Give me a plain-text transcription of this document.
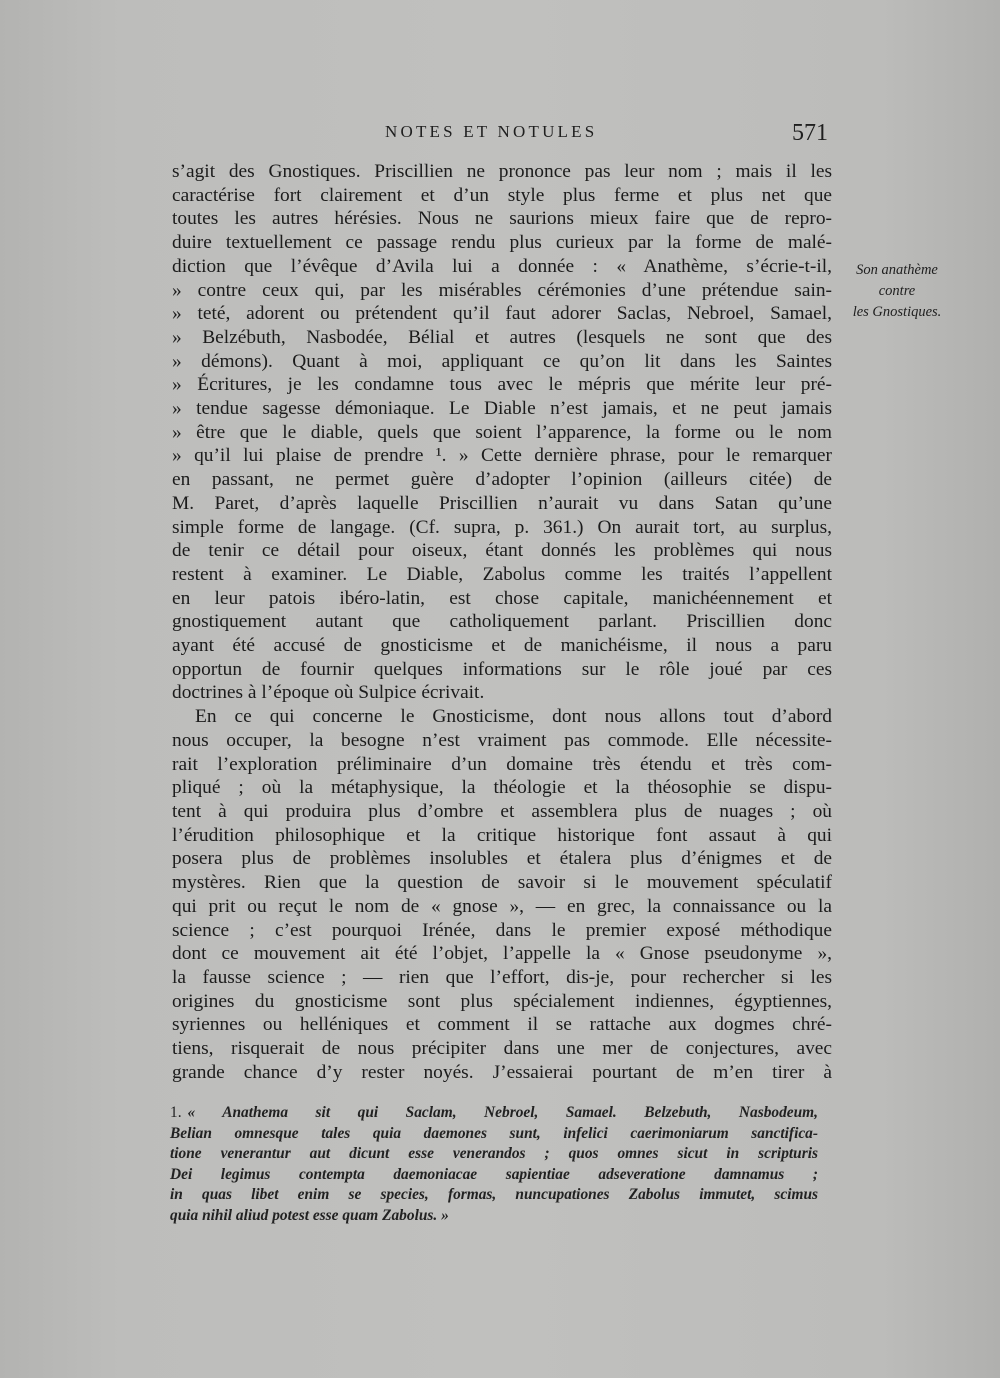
NOTES ET NOTULES	571
s’agit des Gnostiques. Priscillien ne prononce pas leur nom ; mais il les
caractérise fort clairement et d’un style plus ferme et plus net que
toutes les autres hérésies. Nous ne saurions mieux faire que de repro-
duire textuellement ce passage rendu plus curieux par la forme de malé-
diction que l’évêque d’Avila lui a donnée : « Anathème, s’écrie-t-il,
» contre ceux qui, par les misérables cérémonies d’une prétendue sain-
» teté, adorent ou prétendent qu’il faut adorer Saclas, Nebroel, Samael,
» Belzébuth, Nasbodée, Bélial et autres (lesquels ne sont que des
» démons). Quant à moi, appliquant ce qu’on lit dans les Saintes
» Écritures, je les condamne tous avec le mépris que mérite leur pré-
» tendue sagesse démoniaque. Le Diable n’est jamais, et ne peut jamais
» être que le diable, quels que soient l’apparence, la forme ou le nom
» qu’il lui plaise de prendre ¹. » Cette dernière phrase, pour le remarquer
en passant, ne permet guère d’adopter l’opinion (ailleurs citée) de
M. Paret, d’après laquelle Priscillien n’aurait vu dans Satan qu’une
simple forme de langage. (Cf. supra, p. 361.) On aurait tort, au surplus,
de tenir ce détail pour oiseux, étant donnés les problèmes qui nous
restent à examiner. Le Diable, Zabolus comme les traités l’appellent
en leur patois ibéro-latin, est chose capitale, manichéennement et
gnostiquement autant que catholiquement parlant. Priscillien donc
ayant été accusé de gnosticisme et de manichéisme, il nous a paru
opportun de fournir quelques informations sur le rôle joué par ces
doctrines à l’époque où Sulpice écrivait.
En ce qui concerne le Gnosticisme, dont nous allons tout d’abord
nous occuper, la besogne n’est vraiment pas commode. Elle nécessite-
rait l’exploration préliminaire d’un domaine très étendu et très com-
pliqué ; où la métaphysique, la théologie et la théosophie se dispu-
tent à qui produira plus d’ombre et assemblera plus de nuages ; où
l’érudition philosophique et la critique historique font assaut à qui
posera plus de problèmes insolubles et étalera plus d’énigmes et de
mystères. Rien que la question de savoir si le mouvement spéculatif
qui prit ou reçut le nom de « gnose », — en grec, la connaissance ou la
science ; c’est pourquoi Irénée, dans le premier exposé méthodique
dont ce mouvement ait été l’objet, l’appelle la « Gnose pseudonyme »,
la fausse science ; — rien que l’effort, dis-je, pour rechercher si les
origines du gnosticisme sont plus spécialement indiennes, égyptiennes,
syriennes ou helléniques et comment il se rattache aux dogmes chré-
tiens, risquerait de nous précipiter dans une mer de conjectures, avec
grande chance d’y rester noyés. J’essaierai pourtant de m’en tirer à
Son anathème
contre
les Gnostiques.
1. « Anathema sit qui Saclam, Nebroel, Samael. Belzebuth, Nasbodeum,
Belian omnesque tales quia daemones sunt, infelici caerimoniarum sanctifica-
tione venerantur aut dicunt esse venerandos ; quos omnes sicut in scripturis
Dei legimus contempta daemoniacae sapientiae adseveratione damnamus ;
in quas libet enim se species, formas, nuncupationes Zabolus immutet, scimus
quia nihil aliud potest esse quam Zabolus. »
